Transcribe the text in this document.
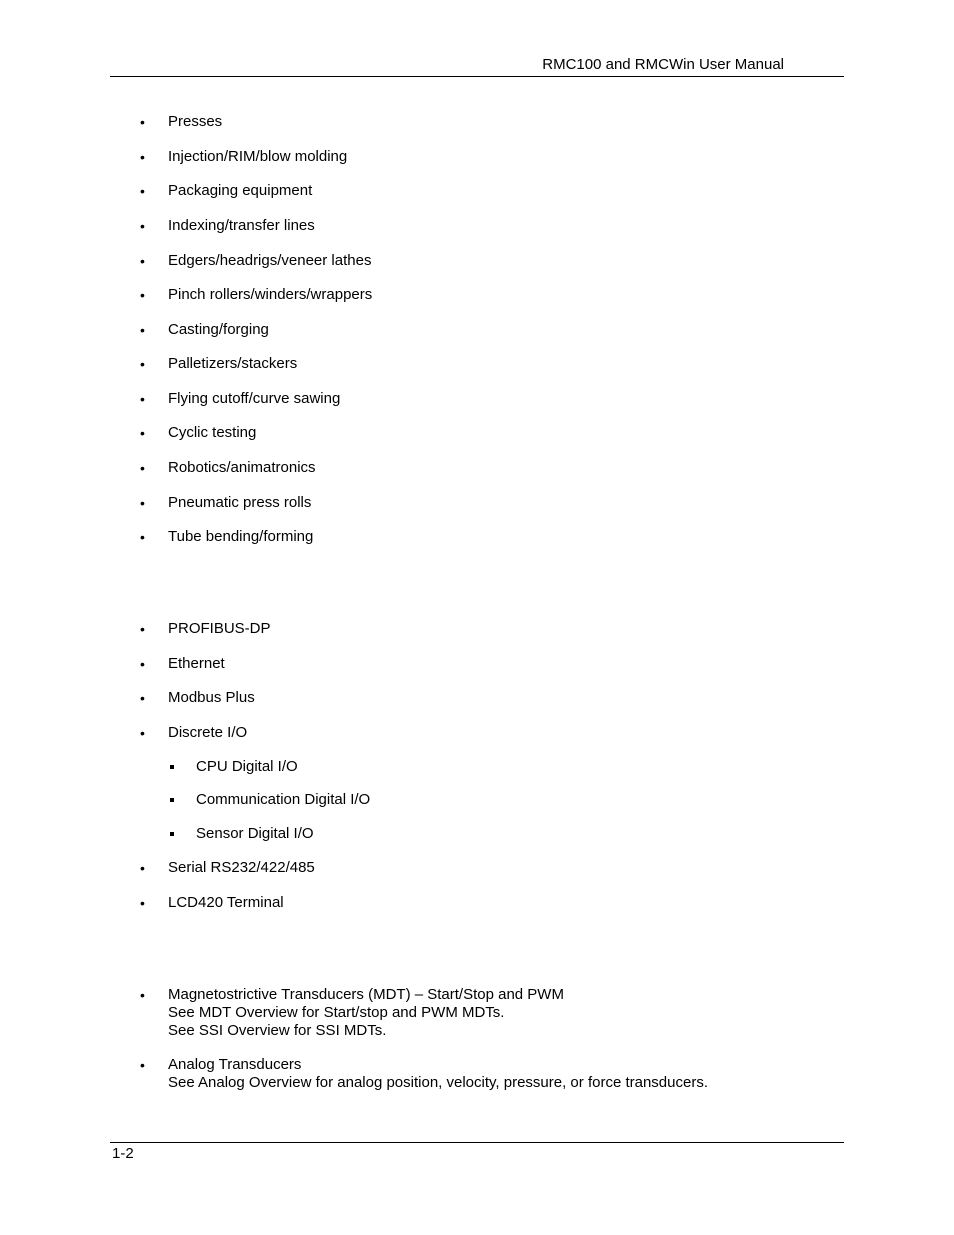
RMC100 and RMCWin User Manual
• Presses
• Injection/RIM/blow molding
• Packaging equipment
• Indexing/transfer lines
• Edgers/headrigs/veneer lathes
• Pinch rollers/winders/wrappers
• Casting/forging
• Palletizers/stackers
• Flying cutoff/curve sawing
• Cyclic testing
• Robotics/animatronics
• Pneumatic press rolls
• Tube bending/forming
• PROFIBUS-DP
• Ethernet
• Modbus Plus
• Discrete I/O
CPU Digital I/O
Communication Digital I/O
Sensor Digital I/O
• Serial RS232/422/485
• LCD420 Terminal
• Magnetostrictive Transducers (MDT) – Start/Stop and PWM
See MDT Overview for Start/stop and PWM MDTs.
See SSI Overview for SSI MDTs.
• Analog Transducers
See Analog Overview for analog position, velocity, pressure, or force transducers.
1-2
